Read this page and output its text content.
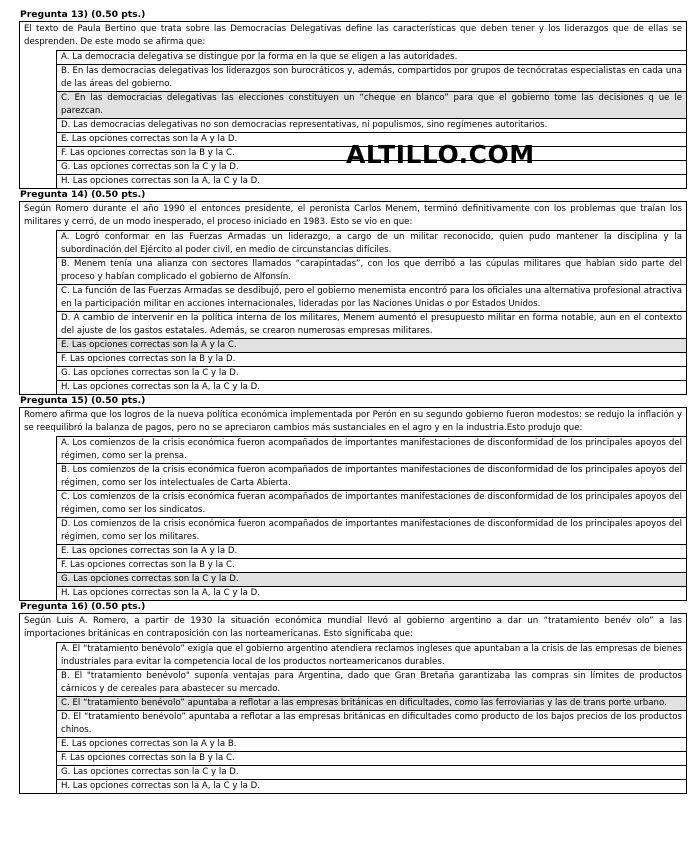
Pregunta 13) (0.50 pts.)
El texto de Paula Bertino que trata sobre las Democracias Delegativas define las características que deben tener y los liderazgos que de ellas se desprenden. De este modo se afirma que:
A. La democracia delegativa se distingue por la forma en la que se eligen a las autoridades.
B. En las democracias delegativas los liderazgos son burocráticos y, además, compartidos por grupos de tecnócratas especialistas en cada una de las áreas del gobierno.
C. En las democracias delegativas las elecciones constituyen un “cheque en blanco” para que el gobierno tome las decisiones q ue le parezcan.
D. Las democracias delegativas no son democracias representativas, ni populismos, sino regímenes autoritarios.
E. Las opciones correctas son la A y la D.
F. Las opciones correctas son la B y la C.
G. Las opciones correctas son la C y la D.
H. Las opciones correctas son la A, la C y la D.
Pregunta 14) (0.50 pts.)
Según Romero durante el año 1990 el entonces presidente, el peronista Carlos Menem, terminó definitivamente con los problemas que traían los militares y cerró, de un modo inesperado, el proceso iniciado en 1983. Esto se vio en que:
A. Logró conformar en las Fuerzas Armadas un liderazgo, a cargo de un militar reconocido, quien pudo mantener la disciplina y la subordinación del Ejército al poder civil, en medio de circunstancias difíciles.
B. Menem tenía una alianza con sectores llamados “carapintadas”, con los que derribó a las cúpulas militares que habían sido parte del proceso y habían complicado el gobierno de Alfonsín.
C. La función de las Fuerzas Armadas se desdibujó, pero el gobierno menemista encontró para los oficiales una alternativa profesional atractiva en la participación militar en acciones internacionales, lideradas por las Naciones Unidas o por Estados Unidos.
D. A cambio de intervenir en la política interna de los militares, Menem aumentó el presupuesto militar en forma notable, aun en el contexto del ajuste de los gastos estatales. Además, se crearon numerosas empresas militares.
E. Las opciones correctas son la A y la C.
F. Las opciones correctas son la B y la D.
G. Las opciones correctas son la C y la D.
H. Las opciones correctas son la A, la C y la D.
Pregunta 15) (0.50 pts.)
Romero afirma que los logros de la nueva política económica implementada por Perón en su segundo gobierno fueron modestos: se redujo la inflación y se reequilibró la balanza de pagos, pero no se apreciaron cambios más sustanciales en el agro y en la industria.Esto produjo que:
A. Los comienzos de la crisis económica fueron acompañados de importantes manifestaciones de disconformidad de los principales apoyos del régimen, como ser la prensa.
B. Los comienzos de la crisis económica fueron acompañados de importantes manifestaciones de disconformidad de los principales apoyos del régimen, como ser los intelectuales de Carta Abierta.
C. Los comienzos de la crisis económica fueran acompañados de importantes manifestaciones de disconformidad de los principales apoyos del régimen, como ser los sindicatos.
D. Los comienzos de la crisis económica fueron acompañados de importantes manifestaciones de disconformidad de los principales apoyos del régimen, como ser los militares.
E. Las opciones correctas son la A y la D.
F. Las opciones correctas son la B y la C.
G. Las opciones correctas son la C y la D.
H. Las opciones correctas son la A, la C y la D.
Pregunta 16) (0.50 pts.)
Según Luis A. Romero, a partir de 1930 la situación económica mundial llevó al gobierno argentino a dar un “tratamiento benév olo” a las importaciones británicas en contraposición con las norteamericanas. Esto significaba que:
A. El “tratamiento benévolo” exigía que el gobierno argentino atendiera reclamos ingleses que apuntaban a la crisis de las empresas de bienes industriales para evitar la competencia local de los productos norteamericanos durables.
B. El "tratamiento benévolo" suponía ventajas para Argentina, dado que Gran Bretaña garantizaba las compras sin límites de productos cárnicos y de cereales para abastecer su mercado.
C. El “tratamiento benévolo” apuntaba a reflotar a las empresas británicas en dificultades, como las ferroviarias y las de trans porte urbano.
D. El “tratamiento benévolo” apuntaba a reflotar a las empresas británicas en dificultades como producto de los bajos precios de los productos chinos.
E. Las opciones correctas son la A y la B.
F. Las opciones correctas son la B y la C.
G. Las opciones correctas son la C y la D.
H. Las opciones correctas son la A, la C y la D.
ALTILLO.COM
